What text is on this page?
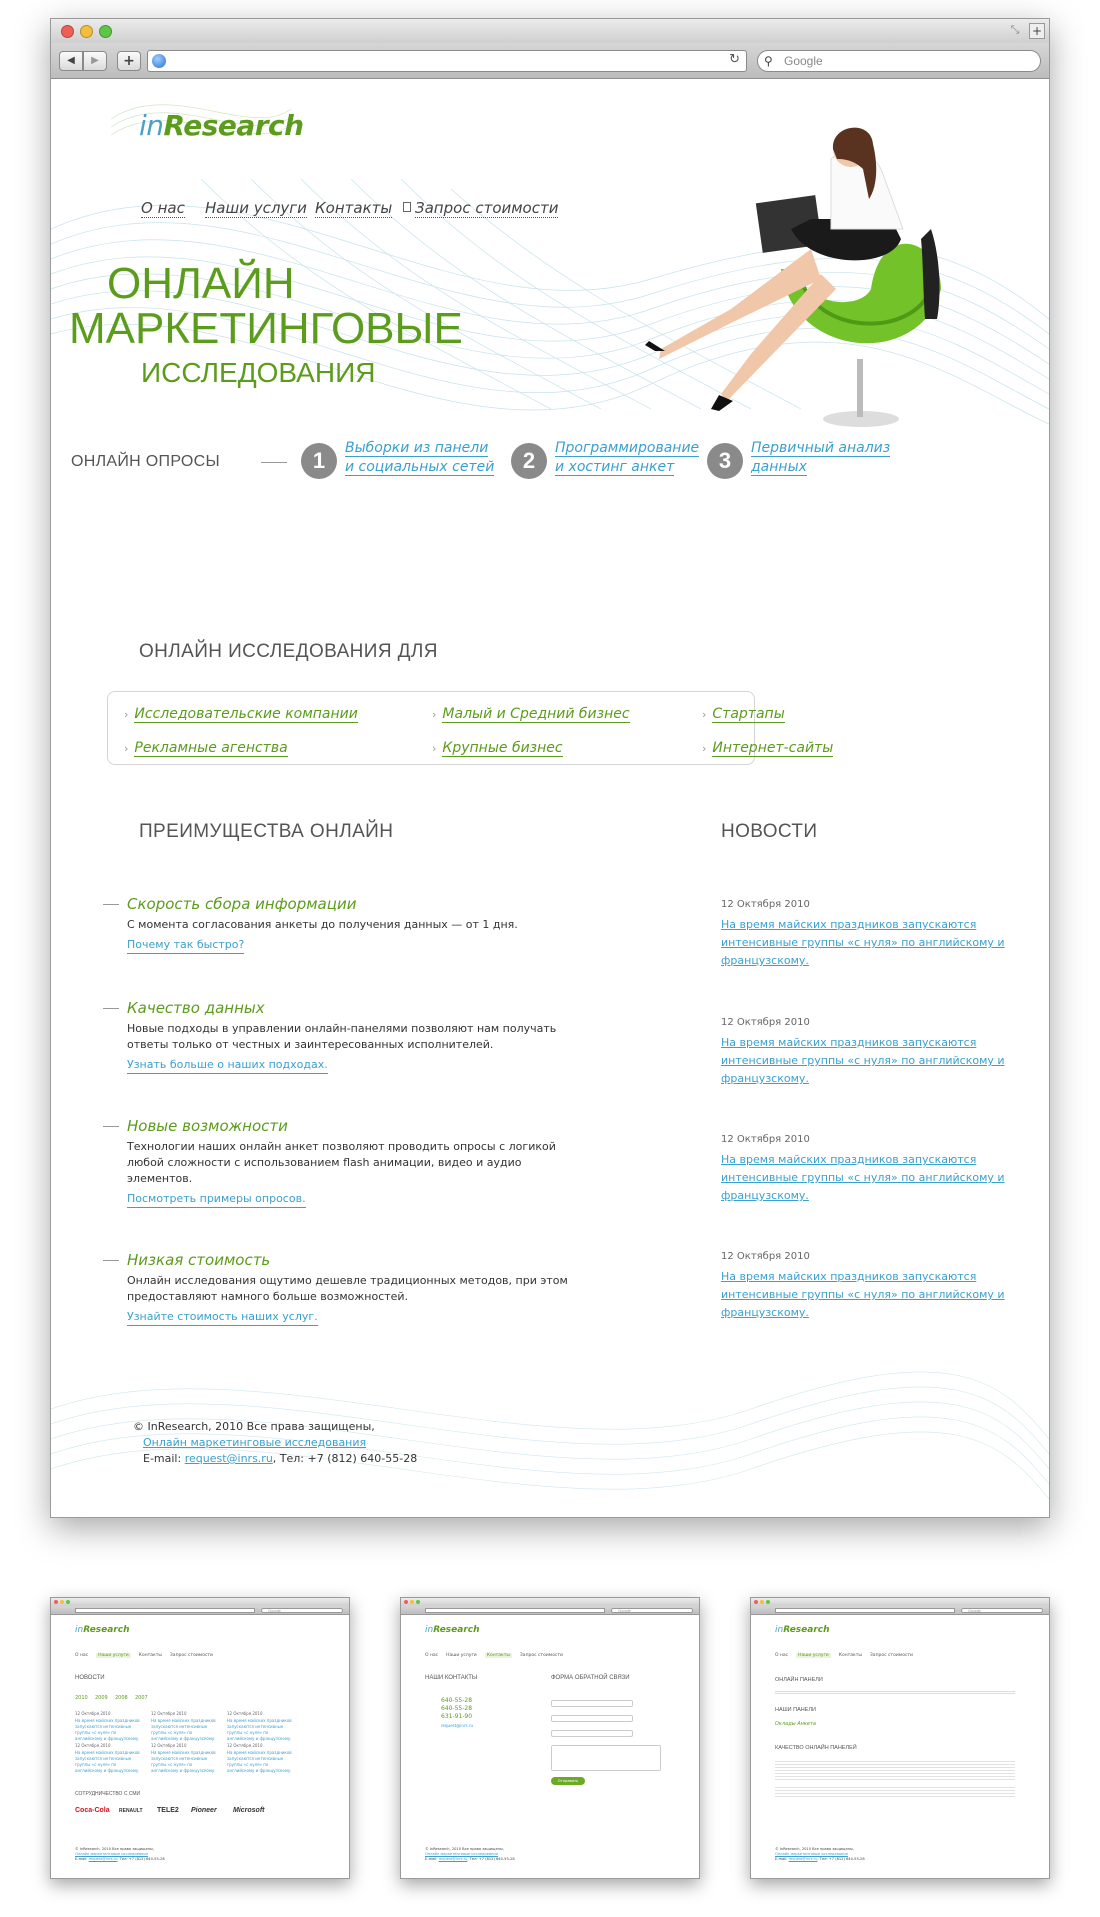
⤡ +
◀	▶	+	↻ ⚲ Google
inResearch
О нас Наши услуги Контакты Запрос стоимости
ОНЛАЙН
МАРКЕТИНГОВЫЕ
ИССЛЕДОВАНИЯ
ОНЛАЙН ОПРОСЫ	1	Выборки из панели
и социальных сетей	2	Программирование
и хостинг анкет	3	Первичный анализ
данных
ОНЛАЙН ИССЛЕДОВАНИЯ ДЛЯ
› Исследовательские компании	› Малый и Средний бизнес	› Стартапы
› Рекламные агенства	› Крупные бизнес	› Интернет-сайты
ПРЕИМУЩЕСТВА ОНЛАЙН	НОВОСТИ
Скорость сбора информации

С момента согласования анкеты до получения данных — от 1 дня.

Почему так быстро?
Качество данных

Новые подходы в управлении онлайн-панелями позволяют нам получать ответы только от честных и заинтересованных исполнителей.

Узнать больше о наших подходах.
Новые возможности

Технологии наших онлайн анкет позволяют проводить опросы с логикой любой сложности с использованием flash анимации, видео и аудио элементов.

Посмотреть примеры опросов.
Низкая стоимость

Онлайн исследования ощутимо дешевле традиционных методов, при этом предоставляют намного больше возможностей.

Узнайте стоимость наших услуг.
12 Октября 2010
На время майских праздников запускаются интенсивные группы «с нуля» по английскому и французскому.
12 Октября 2010
На время майских праздников запускаются интенсивные группы «с нуля» по английскому и французскому.
12 Октября 2010
На время майских праздников запускаются интенсивные группы «с нуля» по английскому и французскому.
12 Октября 2010
На время майских праздников запускаются интенсивные группы «с нуля» по английскому и французскому.
© InResearch, 2010 Все права защищены,
Онлайн маркетинговые исследования
E-mail: request@inrs.ru, Тел: +7 (812) 640-55-28
Google
inResearch
О нас Наши услуги Контакты Запрос стоимости
НОВОСТИ
2010 2009 2008 2007
12 Октября 2010
На время майских праздников запускаются интенсивные группы «с нуля» по английскому и французскому.
12 Октября 2010
На время майских праздников запускаются интенсивные группы «с нуля» по английскому и французскому.
12 Октября 2010
На время майских праздников запускаются интенсивные группы «с нуля» по английскому и французскому.
12 Октября 2010
На время майских праздников запускаются интенсивные группы «с нуля» по английскому и французскому.
12 Октября 2010
На время майских праздников запускаются интенсивные группы «с нуля» по английскому и французскому.
12 Октября 2010
На время майских праздников запускаются интенсивные группы «с нуля» по английскому и французскому.
СОТРУДНИЧЕСТВО С СМИ
Coca-Cola RENAULT TELE2 Pioneer Microsoft
© InResearch, 2010 Все права защищены,
Онлайн маркетинговые исследования
E-mail: request@inrs.ru, Тел: +7 (812) 640-55-28
Google
inResearch
О нас Наши услуги Контакты Запрос стоимости
НАШИ КОНТАКТЫ	ФОРМА ОБРАТНОЙ СВЯЗИ
640-55-28
640-55-28
631-91-90
request@inrs.ru
Отправить
© InResearch, 2010 Все права защищены,
Онлайн маркетинговые исследования
E-mail: request@inrs.ru, Тел: +7 (812) 640-55-28
Google
inResearch
О нас Наши услуги Контакты Запрос стоимости
ОНЛАЙН ПАНЕЛИ
НАШИ ПАНЕЛИ
Оклады Анкета
КАЧЕСТВО ОНЛАЙН ПАНЕЛЕЙ
© InResearch, 2010 Все права защищены,
Онлайн маркетинговые исследования
E-mail: request@inrs.ru, Тел: +7 (812) 640-55-28
